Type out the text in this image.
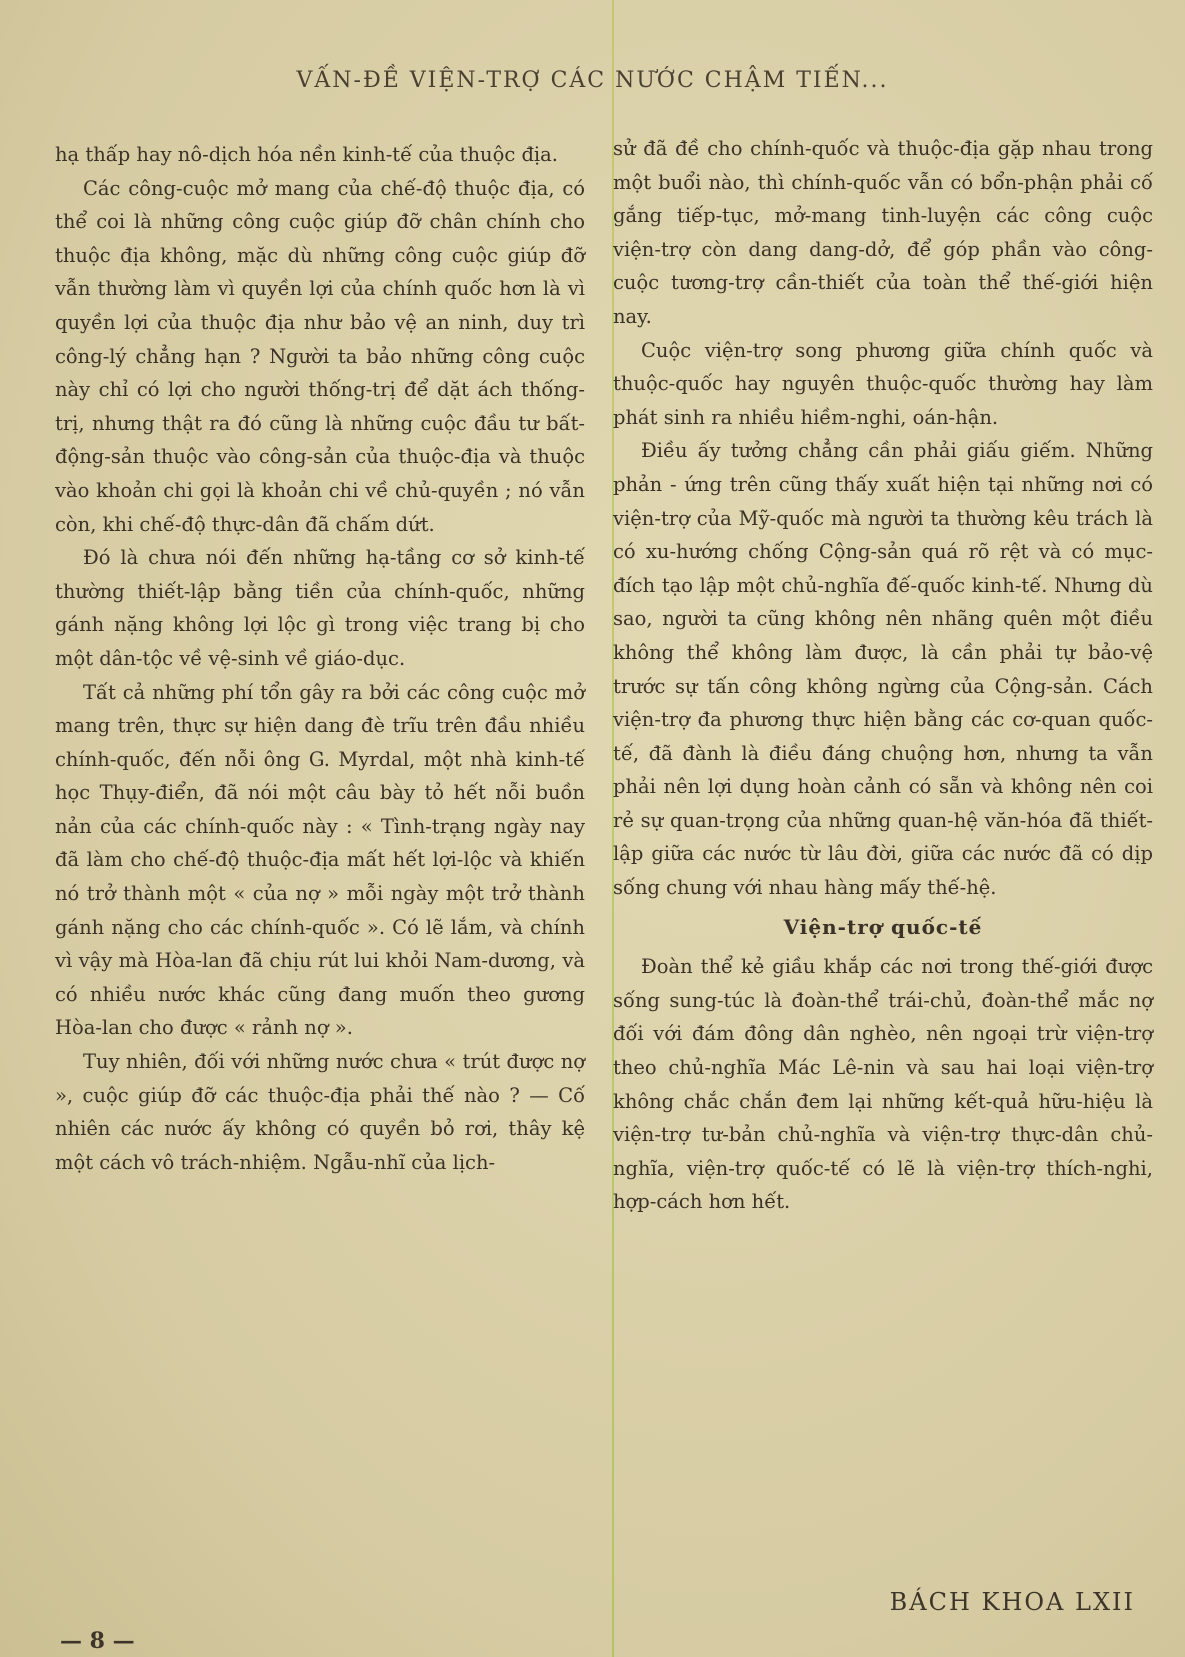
VẤN-ĐỀ VIỆN-TRỢ CÁC NƯỚC CHẬM TIẾN...

hạ thấp hay nô-dịch hóa nền kinh-tế của thuộc địa.

Các công-cuộc mở mang của chế-độ thuộc địa, có thể coi là những công cuộc giúp đỡ chân chính cho thuộc địa không, mặc dù những công cuộc giúp đỡ vẫn thường làm vì quyền lợi của chính quốc hơn là vì quyền lợi của thuộc địa như bảo vệ an ninh, duy trì công-lý chẳng hạn ? Người ta bảo những công cuộc này chỉ có lợi cho người thống-trị để dặt ách thống-trị, nhưng thật ra đó cũng là những cuộc đầu tư bất-động-sản thuộc vào công-sản của thuộc-địa và thuộc vào khoản chi gọi là khoản chi về chủ-quyền ; nó vẫn còn, khi chế-độ thực-dân đã chấm dứt.

Đó là chưa nói đến những hạ-tầng cơ sở kinh-tế thường thiết-lập bằng tiền của chính-quốc, những gánh nặng không lợi lộc gì trong việc trang bị cho một dân-tộc về vệ-sinh về giáo-dục.

Tất cả những phí tổn gây ra bởi các công cuộc mở mang trên, thực sự hiện dang đè trĩu trên đầu nhiều chính-quốc, đến nỗi ông G. Myrdal, một nhà kinh-tế học Thụy-điển, đã nói một câu bày tỏ hết nỗi buồn nản của các chính-quốc này : « Tình-trạng ngày nay đã làm cho chế-độ thuộc-địa mất hết lợi-lộc và khiến nó trở thành một « của nợ » mỗi ngày một trở thành gánh nặng cho các chính-quốc ». Có lẽ lắm, và chính vì vậy mà Hòa-lan đã chịu rút lui khỏi Nam-dương, và có nhiều nước khác cũng đang muốn theo gương Hòa-lan cho được « rảnh nợ ».

Tuy nhiên, đối với những nước chưa « trút được nợ », cuộc giúp đỡ các thuộc-địa phải thế nào ? — Cố nhiên các nước ấy không có quyền bỏ rơi, thây kệ một cách vô trách-nhiệm. Ngẫu-nhĩ của lịch-

sử đã đề cho chính-quốc và thuộc-địa gặp nhau trong một buổi nào, thì chính-quốc vẫn có bổn-phận phải cố gắng tiếp-tục, mở-mang tinh-luyện các công cuộc viện-trợ còn dang dang-dở, để góp phần vào công-cuộc tương-trợ cần-thiết của toàn thể thế-giới hiện nay.

Cuộc viện-trợ song phương giữa chính quốc và thuộc-quốc hay nguyên thuộc-quốc thường hay làm phát sinh ra nhiều hiềm-nghi, oán-hận.

Điều ấy tưởng chẳng cần phải giấu giếm. Những phản - ứng trên cũng thấy xuất hiện tại những nơi có viện-trợ của Mỹ-quốc mà người ta thường kêu trách là có xu-hướng chống Cộng-sản quá rõ rệt và có mục-đích tạo lập một chủ-nghĩa đế-quốc kinh-tế. Nhưng dù sao, người ta cũng không nên nhãng quên một điều không thể không làm được, là cần phải tự bảo-vệ trước sự tấn công không ngừng của Cộng-sản. Cách viện-trợ đa phương thực hiện bằng các cơ-quan quốc-tế, đã đành là điều đáng chuộng hơn, nhưng ta vẫn phải nên lợi dụng hoàn cảnh có sẵn và không nên coi rẻ sự quan-trọng của những quan-hệ văn-hóa đã thiết-lập giữa các nước từ lâu đời, giữa các nước đã có dịp sống chung với nhau hàng mấy thế-hệ.

Viện-trợ quốc-tế

Đoàn thể kẻ giầu khắp các nơi trong thế-giới được sống sung-túc là đoàn-thể trái-chủ, đoàn-thể mắc nợ đối với đám đông dân nghèo, nên ngoại trừ viện-trợ theo chủ-nghĩa Mác Lê-nin và sau hai loại viện-trợ không chắc chắn đem lại những kết-quả hữu-hiệu là viện-trợ tư-bản chủ-nghĩa và viện-trợ thực-dân chủ-nghĩa, viện-trợ quốc-tế có lẽ là viện-trợ thích-nghi, hợp-cách hơn hết.

BÁCH KHOA LXII
— 8 —
